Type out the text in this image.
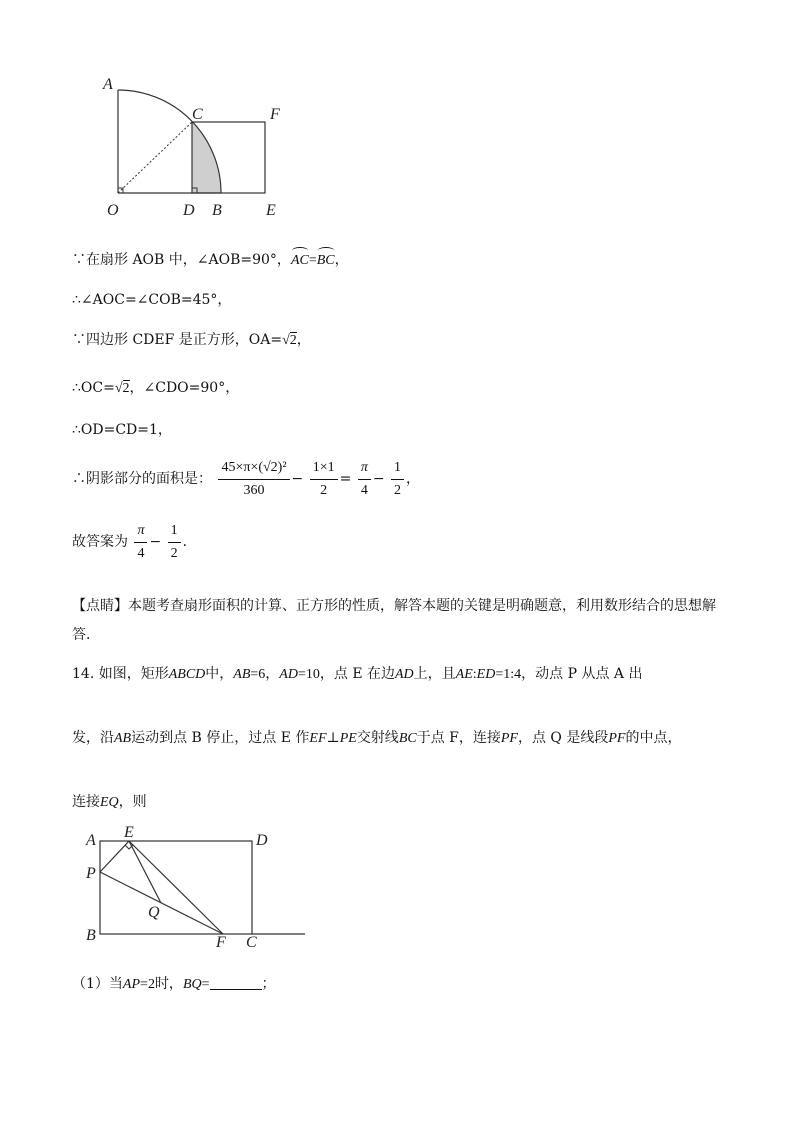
A
C	F
O	D B	E
∵在扇形 AOB 中，∠AOB=90°，AC=BC，
∴∠AOC=∠COB=45°，
∵四边形 CDEF 是正方形，OA=√2，
∴OC=√2，∠CDO=90°，
∴OD=CD=1，
∴阴影部分的面积是： $\frac{\text{45×π×(√2)²}}{360} - \frac{1\times 1}{2} = \frac{\pi}{4} - \frac{1}{2}$ ，
故答案为 $\frac{\pi}{4} - \frac{1}{2}$ ．
【点睛】本题考查扇形面积的计算、正方形的性质，解答本题的关键是明确题意，利用数形结合的思想解
答．
14. 如图，矩形ABCD中，AB=6，AD=10，点 E 在边AD上，且AE:ED=1:4，动点 P 从点 A 出
发，沿AB运动到点 B 停止，过点 E 作EF⊥PE交射线BC于点 F，连接PF，点 Q 是线段PF的中点，
连接EQ，则
A E	D
P
Q
B	F C
（1）当AP=2时，BQ=	；
